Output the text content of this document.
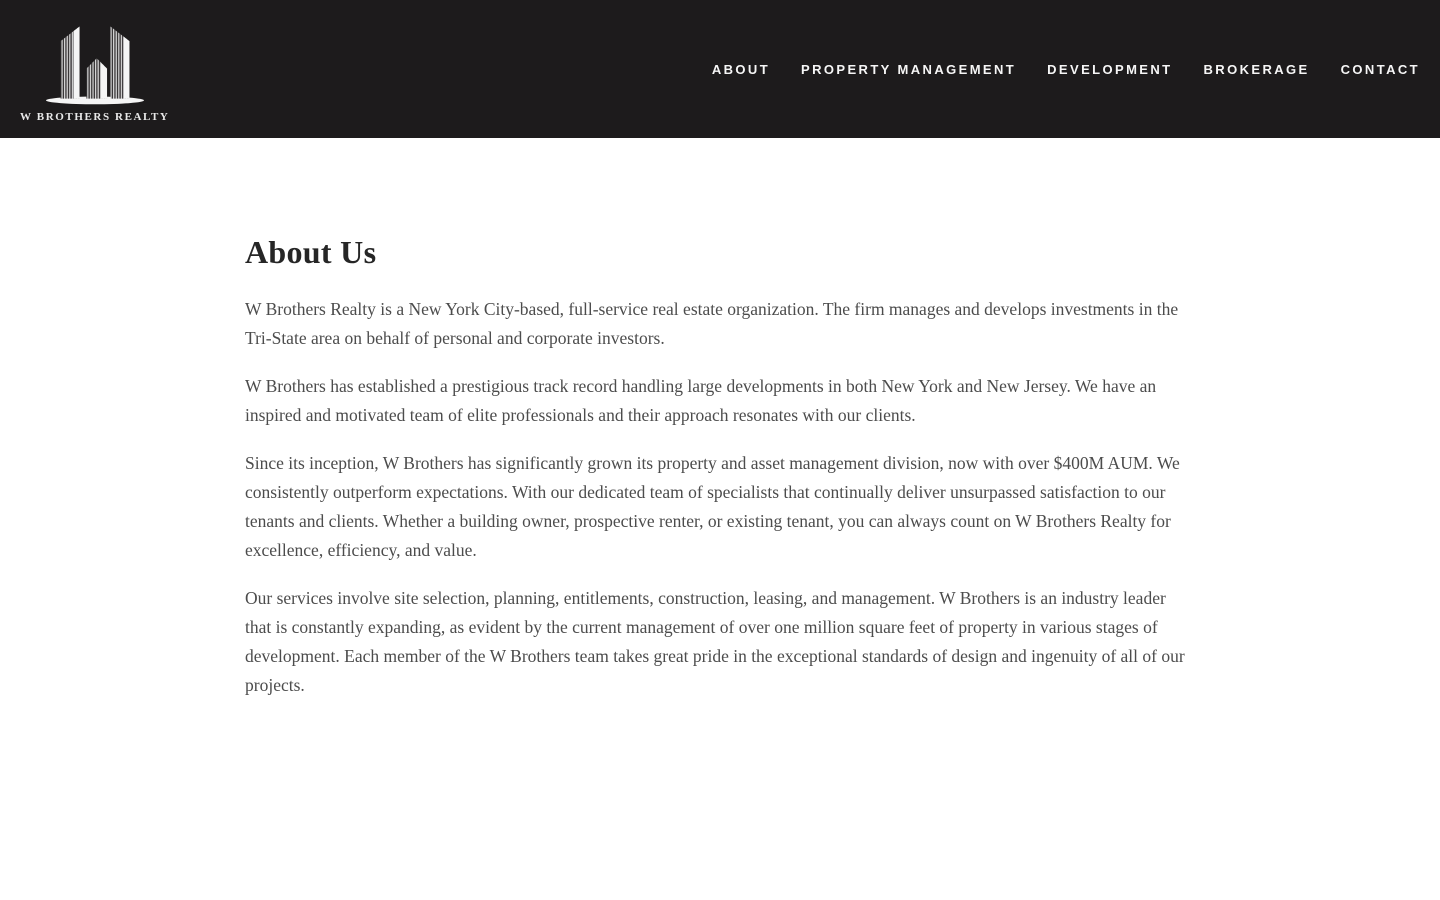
W BROTHERS REALTY
ABOUT PROPERTY MANAGEMENT DEVELOPMENT BROKERAGE CONTACT
About Us

W Brothers Realty is a New York City-based, full-service real estate organization. The firm manages and develops investments in the Tri-State area on behalf of personal and corporate investors.

W Brothers has established a prestigious track record handling large developments in both New York and New Jersey. We have an inspired and motivated team of elite professionals and their approach resonates with our clients.

Since its inception, W Brothers has significantly grown its property and asset management division, now with over $400M AUM. We consistently outperform expectations. With our dedicated team of specialists that continually deliver unsurpassed satisfaction to our tenants and clients. Whether a building owner, prospective renter, or existing tenant, you can always count on W Brothers Realty for excellence, efficiency, and value.

Our services involve site selection, planning, entitlements, construction, leasing, and management. W Brothers is an industry leader that is constantly expanding, as evident by the current management of over one million square feet of property in various stages of development. Each member of the W Brothers team takes great pride in the exceptional standards of design and ingenuity of all of our projects.
